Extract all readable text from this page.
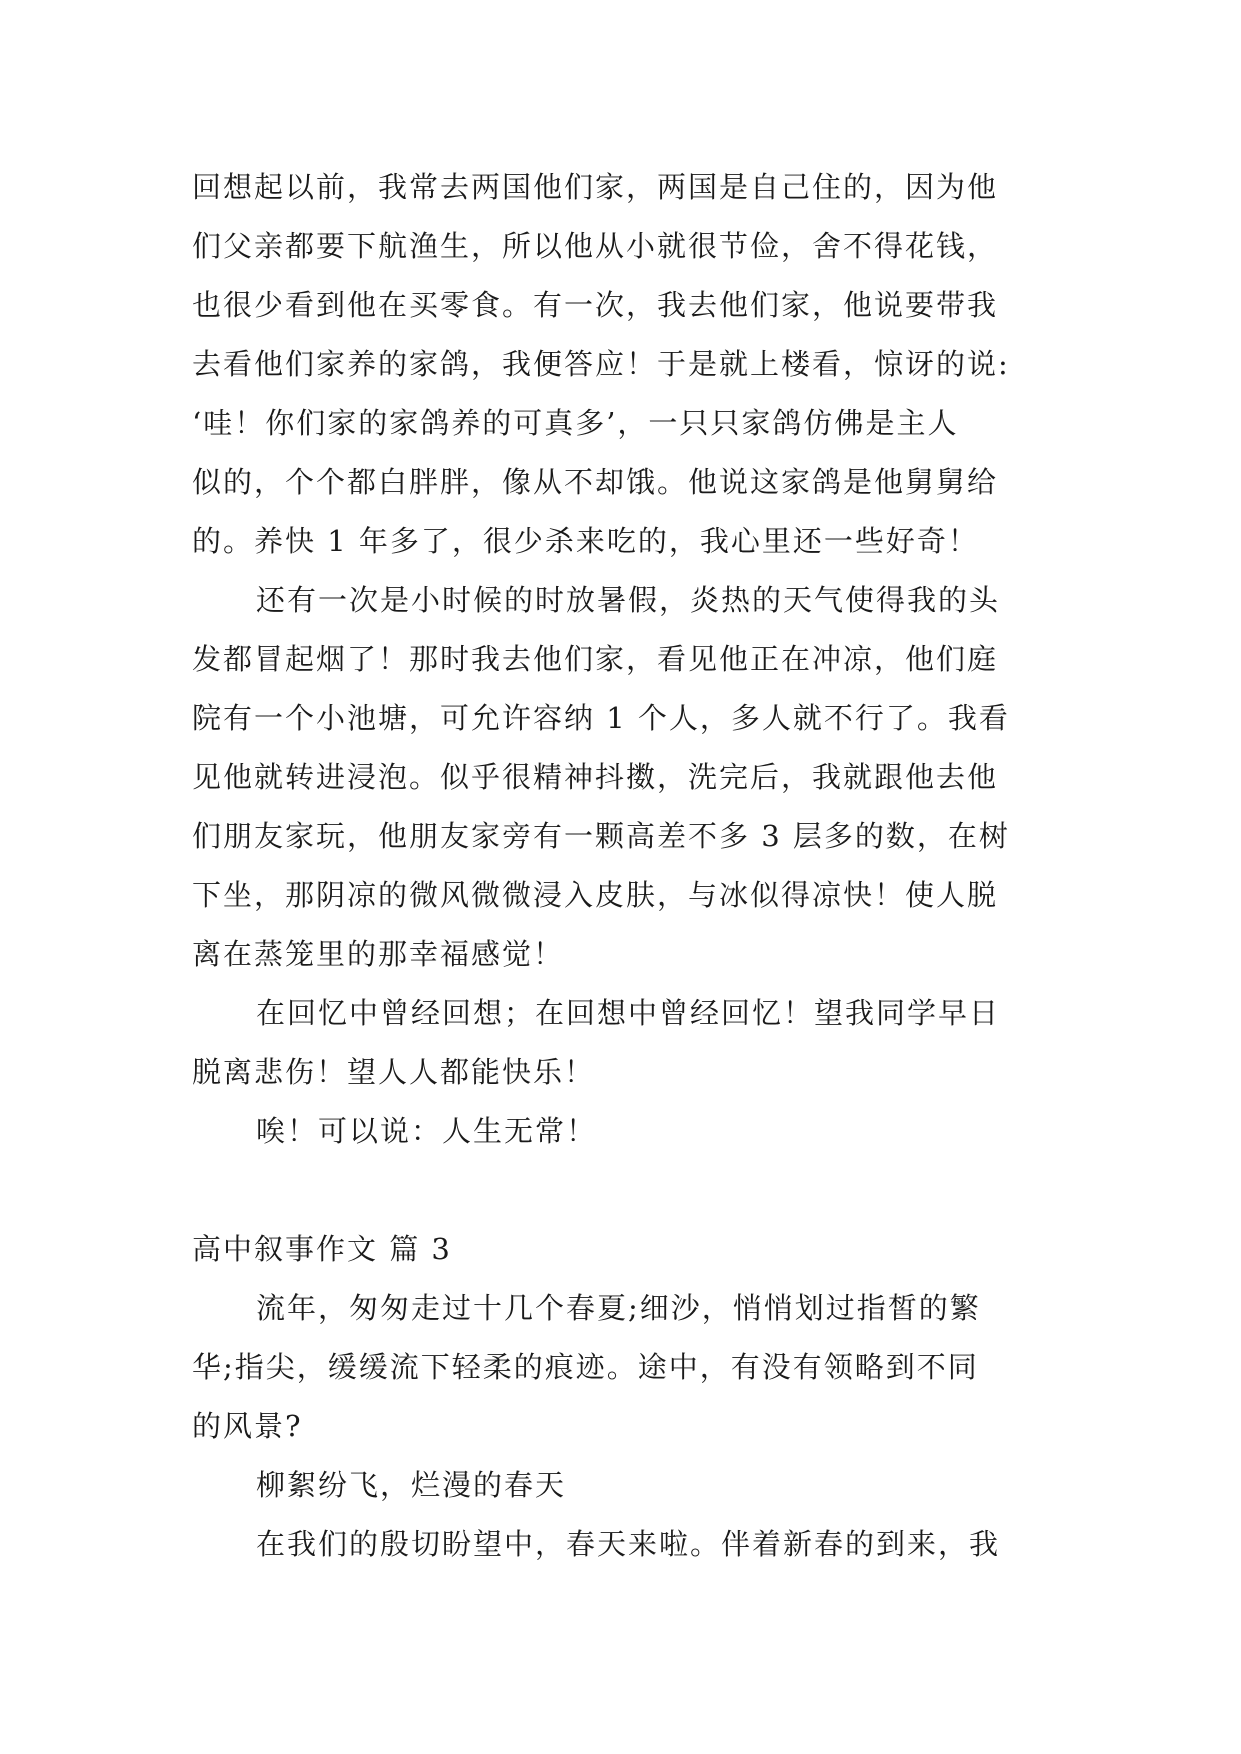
回想起以前，我常去两国他们家，两国是自己住的，因为他
们父亲都要下航渔生，所以他从小就很节俭，舍不得花钱，
也很少看到他在买零食。有一次，我去他们家，他说要带我
去看他们家养的家鸽，我便答应！于是就上楼看，惊讶的说:
‘哇！你们家的家鸽养的可真多’，一只只家鸽仿佛是主人
似的，个个都白胖胖，像从不却饿。他说这家鸽是他舅舅给
的。养快 1 年多了，很少杀来吃的，我心里还一些好奇！
还有一次是小时候的时放暑假，炎热的天气使得我的头
发都冒起烟了！那时我去他们家，看见他正在冲凉，他们庭
院有一个小池塘，可允许容纳 1 个人，多人就不行了。我看
见他就转进浸泡。似乎很精神抖擞，洗完后，我就跟他去他
们朋友家玩，他朋友家旁有一颗高差不多 3 层多的数，在树
下坐，那阴凉的微风微微浸入皮肤，与冰似得凉快！使人脱
离在蒸笼里的那幸福感觉！
在回忆中曾经回想；在回想中曾经回忆！望我同学早日
脱离悲伤！望人人都能快乐！
唉！可以说：人生无常！
高中叙事作文 篇 3
流年，匆匆走过十几个春夏;细沙，悄悄划过指皙的繁
华;指尖，缓缓流下轻柔的痕迹。途中，有没有领略到不同
的风景?
柳絮纷飞，烂漫的春天
在我们的殷切盼望中，春天来啦。伴着新春的到来，我
